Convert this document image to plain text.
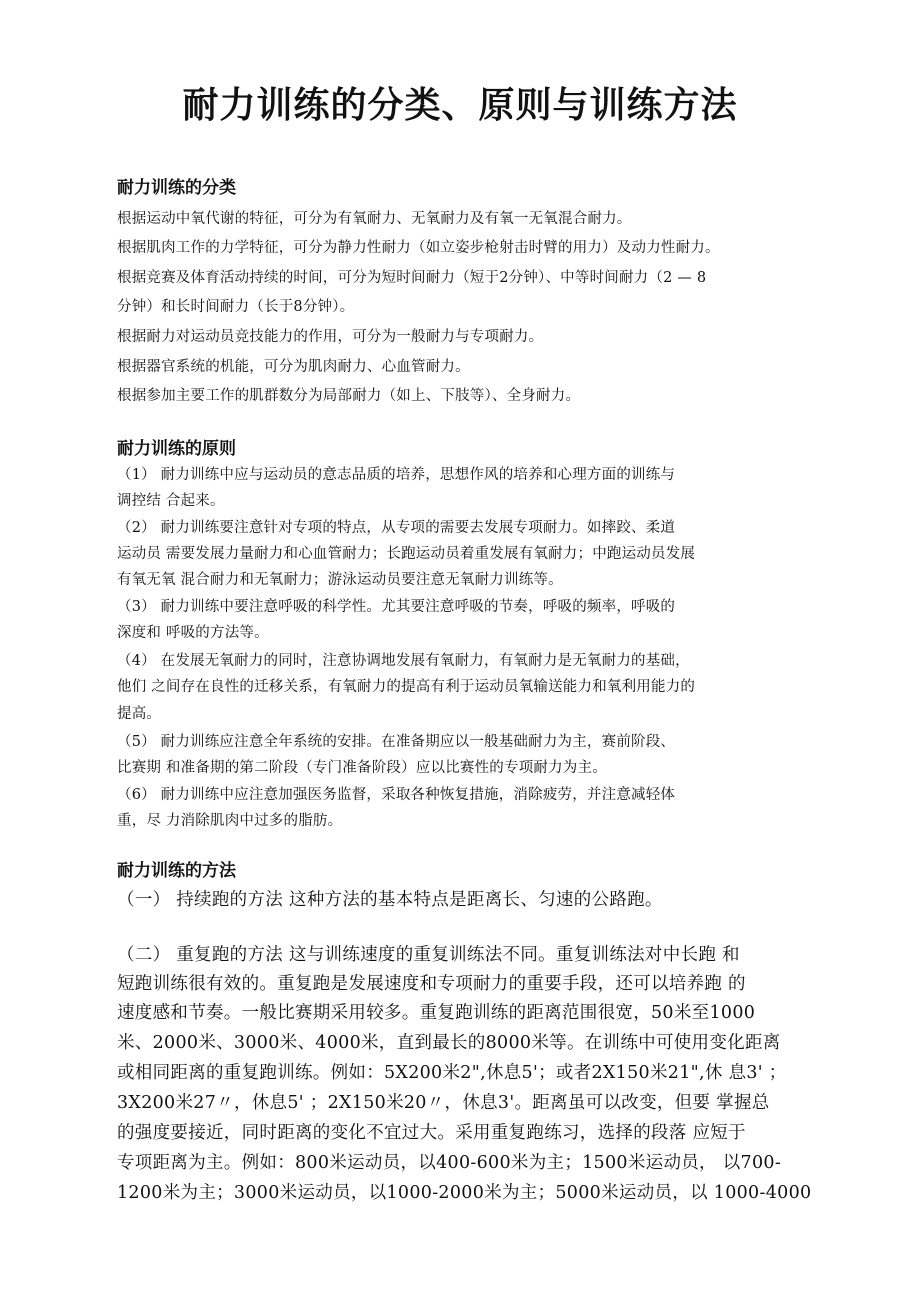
耐力训练的分类、原则与训练方法
耐力训练的分类
根据运动中氧代谢的特征，可分为有氧耐力、无氧耐力及有氧一无氧混合耐力。
根据肌肉工作的力学特征，可分为静力性耐力（如立姿步枪射击时臂的用力）及动力性耐力。
根据竞赛及体育活动持续的时间，可分为短时间耐力（短于2分钟）、中等时间耐力（2 — 8
分钟）和长时间耐力（长于8分钟）。
根据耐力对运动员竞技能力的作用，可分为一般耐力与专项耐力。
根据器官系统的机能，可分为肌肉耐力、心血管耐力。
根据参加主要工作的肌群数分为局部耐力（如上、下肢等）、全身耐力。
耐力训练的原则
（1） 耐力训练中应与运动员的意志品质的培养，思想作风的培养和心理方面的训练与
调控结 合起来。
（2） 耐力训练要注意针对专项的特点，从专项的需要去发展专项耐力。如摔跤、柔道
运动员 需要发展力量耐力和心血管耐力；长跑运动员着重发展有氧耐力；中跑运动员发展
有氧无氧 混合耐力和无氧耐力；游泳运动员要注意无氧耐力训练等。
（3） 耐力训练中要注意呼吸的科学性。尤其要注意呼吸的节奏，呼吸的频率，呼吸的
深度和 呼吸的方法等。
（4） 在发展无氧耐力的同时，注意协调地发展有氧耐力，有氧耐力是无氧耐力的基础，
他们 之间存在良性的迁移关系，有氧耐力的提高有利于运动员氧输送能力和氧利用能力的
提高。
（5） 耐力训练应注意全年系统的安排。在准备期应以一般基础耐力为主，赛前阶段、
比赛期 和准备期的第二阶段（专门准备阶段）应以比赛性的专项耐力为主。
（6） 耐力训练中应注意加强医务监督，采取各种恢复措施，消除疲劳，并注意减轻体
重，尽 力消除肌肉中过多的脂肪。
耐力训练的方法
（一） 持续跑的方法 这种方法的基本特点是距离长、匀速的公路跑。
（二） 重复跑的方法 这与训练速度的重复训练法不同。重复训练法对中长跑 和
短跑训练很有效的。重复跑是发展速度和专项耐力的重要手段，还可以培养跑 的
速度感和节奏。一般比赛期采用较多。重复跑训练的距离范围很宽，50米至1000
米、2000米、3000米、4000米，直到最长的8000米等。在训练中可使用变化距离
或相同距离的重复跑训练。例如：5X200米2",休息5'；或者2X150米21",休 息3' ；
3X200米27〃，休息5' ；2X150米20〃，休息3'。距离虽可以改变，但要 掌握总
的强度要接近，同时距离的变化不宜过大。采用重复跑练习，选择的段落 应短于
专项距离为主。例如：800米运动员，以400-600米为主；1500米运动员， 以700-
1200米为主；3000米运动员，以1000-2000米为主；5000米运动员，以 1000-4000
